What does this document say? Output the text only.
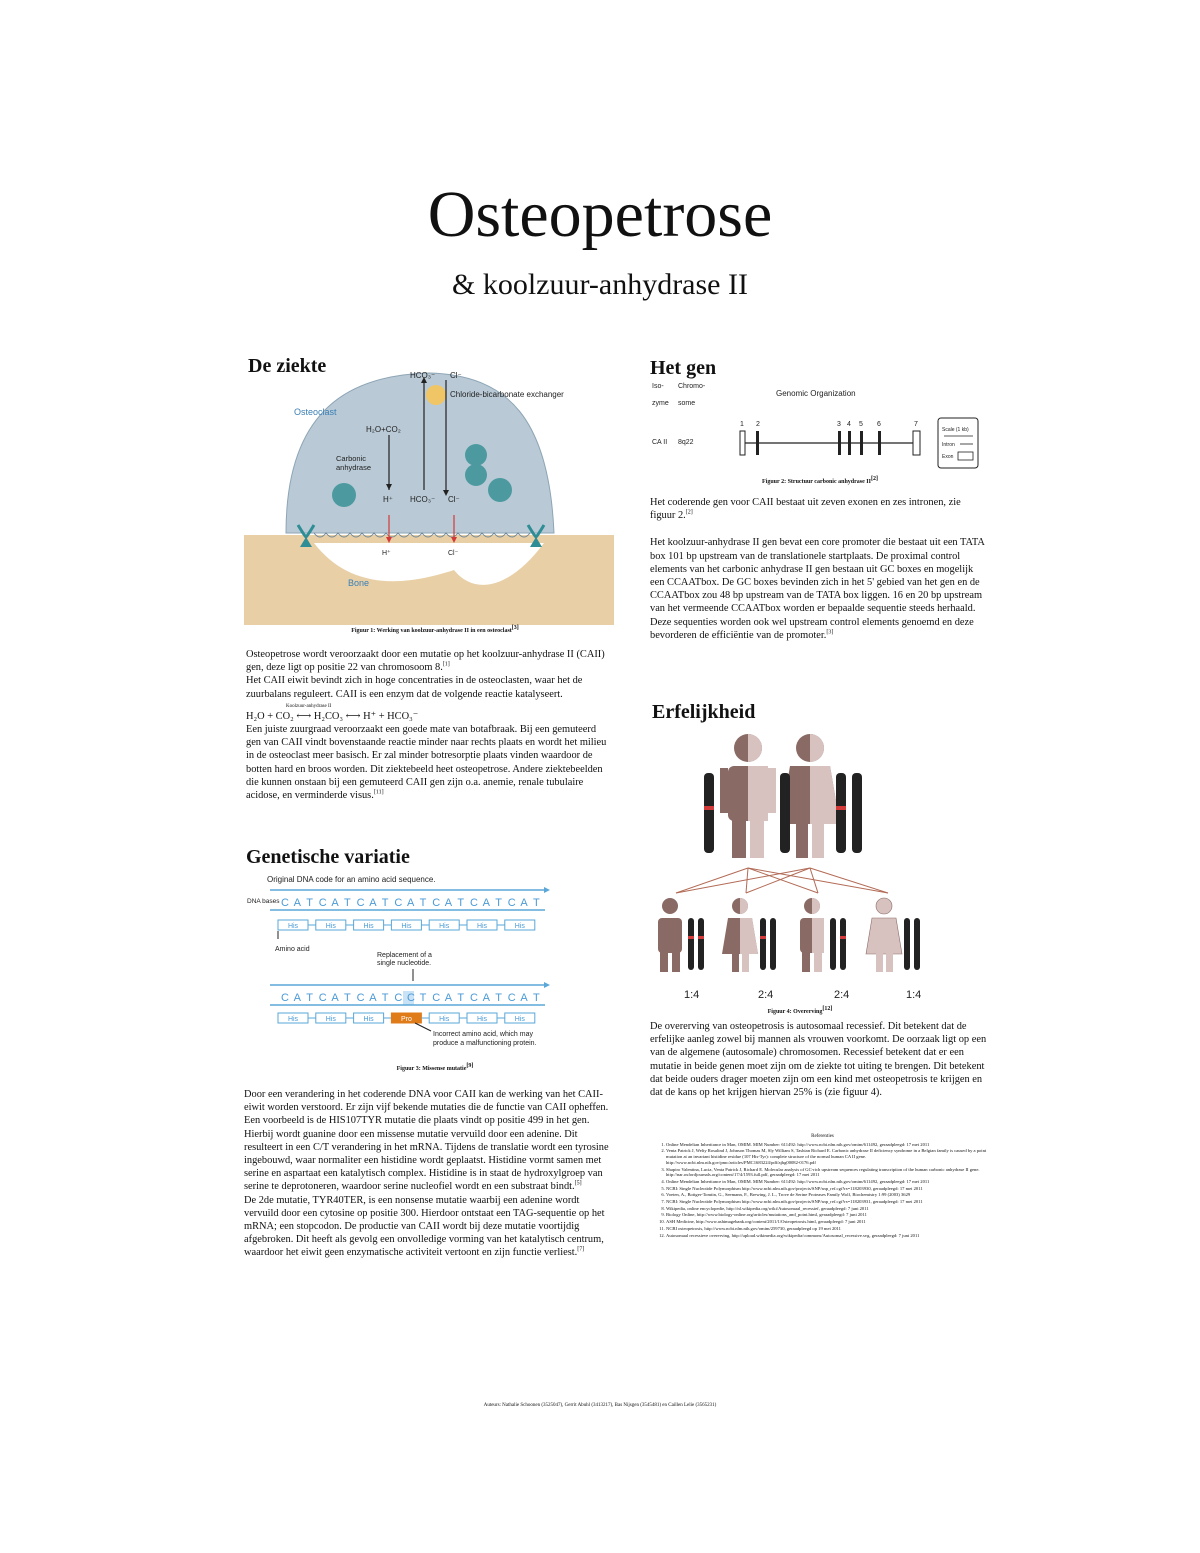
Osteopetrose
& koolzuur-anhydrase II
De ziekte	HCO₃⁻ Cl⁻
Chloride-bicarbonate exchanger
Osteoclast
H₂O+CO₂
Carbonic
anhydrase
H⁺ HCO₃⁻ Cl⁻
H⁺	Cl⁻
Bone
Figuur 1: Werking van koolzuur-anhydrase II in een osteoclast[3]
Osteopetrose wordt veroorzaakt door een mutatie op het koolzuur-anhydrase II (CAII) gen, deze ligt op positie 22 van chromosoom 8.[1]
Het CAII eiwit bevindt zich in hoge concentraties in de osteoclasten, waar het de zuurbalans reguleert. CAII is een enzym dat de volgende reactie katalyseert.
Koolzuur-anhydrase II
H₂O + CO₂ ⟷ H₂CO₃ ⟷ H⁺ + HCO₃⁻
Een juiste zuurgraad veroorzaakt een goede mate van botafbraak. Bij een gemuteerd gen van CAII vindt bovenstaande reactie minder naar rechts plaats en wordt het milieu in de osteoclast meer basisch. Er zal minder botresorptie plaats vinden waardoor de botten hard en broos worden. Dit ziektebeeld heet osteopetrose. Andere ziektebeelden die kunnen onstaan bij een gemuteerd CAII gen zijn o.a. anemie, renale tubulaire acidose, en verminderde visus.[11]
Genetische variatie
Original DNA code for an amino acid sequence.
DNA bases C A T C A T C A T C A T C A T C A T C A T
His	His	His	His	His	His	His
Amino acid
Replacement of a
single nucleotide.
C A T C A T C A T C C T C A T C A T C A T
His	His	His	Pro	His	His	His
Incorrect amino acid, which may
produce a malfunctioning protein.
Figuur 3: Missense mutatie[9]
Door een verandering in het coderende DNA voor CAII kan de werking van het CAII-eiwit worden verstoord. Er zijn vijf bekende mutaties die de functie van CAII opheffen. Een voorbeeld is de HIS107TYR mutatie die plaats vindt op positie 499 in het gen. Hierbij wordt guanine door een missense mutatie vervuild door een adenine. Dit resulteert in een C/T verandering in het mRNA. Tijdens de translatie wordt een tyrosine ingebouwd, waar normaliter een histidine wordt geplaatst. Histidine vormt samen met serine en aspartaat een katalytisch complex. Histidine is in staat de hydroxylgroep van serine te deprotoneren, waardoor serine nucleofiel wordt en een substraat bindt.[5]
De 2de mutatie, TYR40TER, is een nonsense mutatie waarbij een adenine wordt vervuild door een cytosine op positie 300. Hierdoor ontstaat een TAG-sequentie op het mRNA; een stopcodon. De productie van CAII wordt bij deze mutatie voortijdig afgebroken. Dit heeft als gevolg een onvolledige vorming van het katalytisch centrum, waardoor het eiwit geen enzymatische activiteit vertoont en zijn functie verliest.[7]
Het gen
Iso-
zyme
Chromo-
some
Genomic Organization
CA II 8q22
1 2	3 4 5 6	7
Scale (1 kb)
Intron
Exon
Figuur 2: Structuur carbonic anhydrase II[2]
Het coderende gen voor CAII bestaat uit zeven exonen en zes intronen, zie figuur 2.[2]
Het koolzuur-anhydrase II gen bevat een core promoter die bestaat uit een TATA box 101 bp upstream van de translationele startplaats. De proximal control elements van het carbonic anhydrase II gen bestaan uit GC boxes en mogelijk een CCAATbox. De GC boxes bevinden zich in het 5' gebied van het gen en de CCAATbox zou 48 bp upstream van de TATA box liggen. 16 en 20 bp upstream van het vermeende CCAATbox worden er bepaalde sequentie steeds herhaald. Deze sequenties worden ook wel upstream control elements genoemd en deze bevorderen de efficiëntie van de promoter.[3]
Erfelijkheid
1:4	2:4	2:4	1:4
Figuur 4: Overerving[12]
De overerving van osteopetrosis is autosomaal recessief. Dit betekent dat de erfelijke aanleg zowel bij mannen als vrouwen voorkomt. De oorzaak ligt op een van de algemene (autosomale) chromosomen. Recessief betekent dat er een mutatie in beide genen moet zijn om de ziekte tot uiting te brengen. Dit betekent dat beide ouders drager moeten zijn om een kind met osteopetrosis te krijgen en dat de kans op het krijgen hiervan 25% is (zie figuur 4).
Referenties
1. Online Mendelian Inheritance in Man, OMIM. MIM Number: 611492: http://www.ncbi.nlm.nih.gov/omim/611492, geraadpleegd: 17 mei 2011
2. Venta Patrick J, Welty Rosalind J, Johnson Thomas M, Sly William S, Tashian Richard E. Carbonic anhydrase II deficiency syndrome in a Belgian family is caused by a point mutation at an invariant histidine residue (107 His-Tyr): complete structure of the normal human CA II gene. http://www.ncbi.nlm.nih.gov/pmc/articles/PMC1683224/pdf/ajhg00082-0176.pdf
3. Shapiro Valentina, Lucia, Venta Patrick J, Richard E. Molecular analysis of GC-rich upstream sequences regulating transcription of the human carbonic anhydrase II gene. http://nar.oxfordjournals.org/content/17/4/1593.full.pdf, geraadpleegd: 17 mei 2011
4. Online Mendelian Inheritance in Man, OMIM. MIM Number: 611492: http://www.ncbi.nlm.nih.gov/omim/611492, geraadpleegd: 17 mei 2011
5. NCBI: Single Nucleotide Polymorphism http://www.ncbi.nlm.nih.gov/projects/SNP/snp_ref.cgi?rs=118203930, geraadpleegd: 17 mei 2011
6. Voeten, A., Bottger-Tomtin, G., Seemann, F., Brewing, J. L., Trove de Serine Proteases Family Wolf, Biochemistry 1:99 (2003) 3629
7. NCBI: Single Nucleotide Polymorphism http://www.ncbi.nlm.nih.gov/projects/SNP/snp_ref.cgi?rs=118203931, geraadpleegd: 17 mei 2011
8. Wikipedia, online encyclopedie, http://nl.wikipedia.org/wiki/Autosomaal_recessief, geraadpleegd: 7 juni 2011
9. Biology Online, http://www.biology-online.org/articles/mutations_and_point.html, geraadpleegd: 7 juni 2011
10. ASH Medicine, http://www.ashimagebank.org/content/2011/1/Osteopetrosis.html, geraadpleegd: 7 juni 2011
11. NCBI osteopetrosis, http://www.ncbi.nlm.nih.gov/omim/259730, geraadpleegd op 19 mei 2011
12. Autosomaal recessieve overerving, http://upload.wikimedia.org/wikipedia/commons/Autosomal_recessive.svg, geraadpleegd: 7 juni 2011
Auteurs: Nathalie Schoonen (3525047), Gerrit Abuhl (3413217), Bas Nijsgen (3545481) en Caillen Lelie (3565231)
